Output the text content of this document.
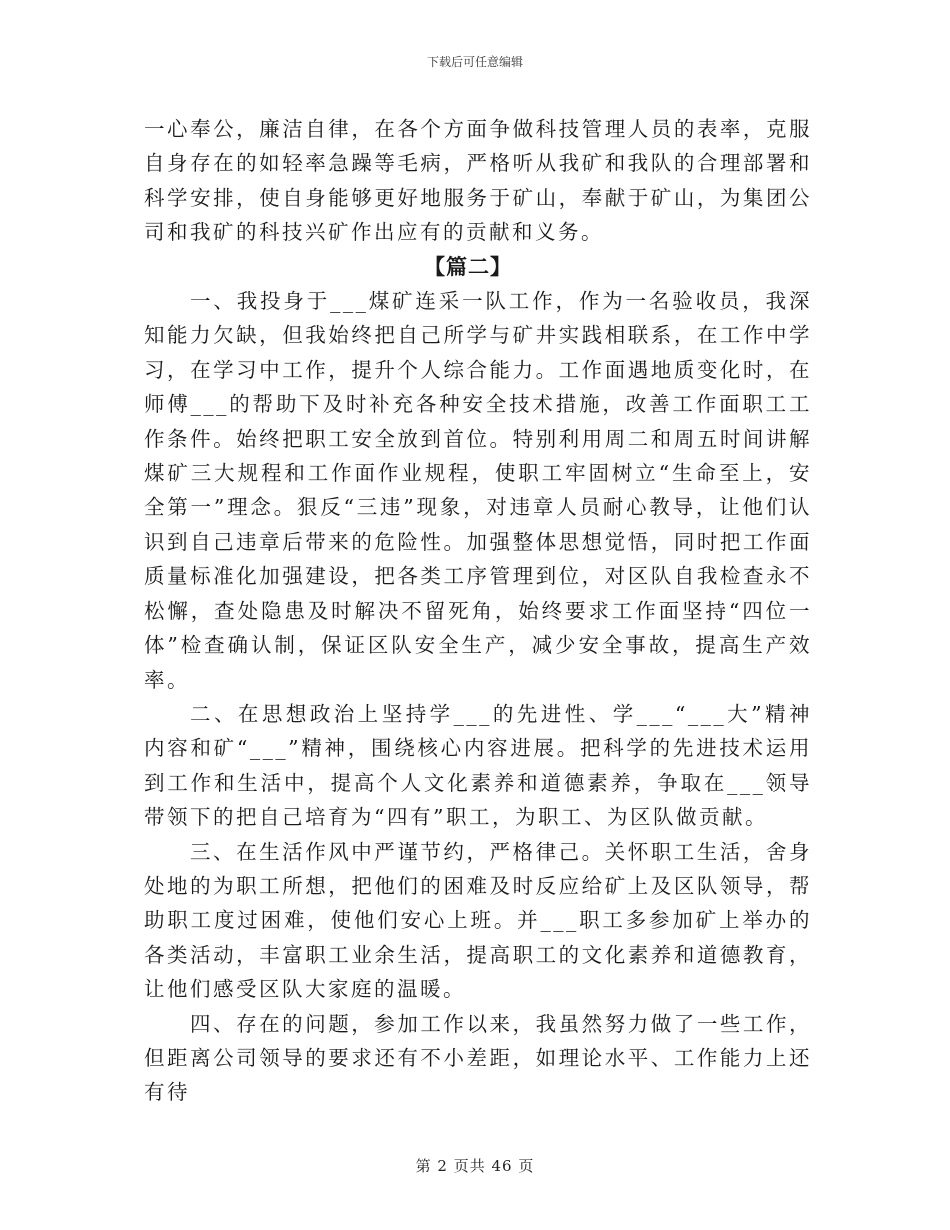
下载后可任意编辑

一心奉公，廉洁自律，在各个方面争做科技管理人员的表率，克服自身存在的如轻率急躁等毛病，严格听从我矿和我队的合理部署和科学安排，使自身能够更好地服务于矿山，奉献于矿山，为集团公司和我矿的科技兴矿作出应有的贡献和义务。

【篇二】

一、我投身于___煤矿连采一队工作，作为一名验收员，我深知能力欠缺，但我始终把自己所学与矿井实践相联系，在工作中学习，在学习中工作，提升个人综合能力。工作面遇地质变化时，在师傅___的帮助下及时补充各种安全技术措施，改善工作面职工工作条件。始终把职工安全放到首位。特别利用周二和周五时间讲解煤矿三大规程和工作面作业规程，使职工牢固树立“生命至上，安全第一”理念。狠反“三违”现象，对违章人员耐心教导，让他们认识到自己违章后带来的危险性。加强整体思想觉悟，同时把工作面质量标准化加强建设，把各类工序管理到位，对区队自我检查永不松懈，查处隐患及时解决不留死角，始终要求工作面坚持“四位一体”检查确认制，保证区队安全生产，减少安全事故，提高生产效率。

二、在思想政治上坚持学___的先进性、学___“___大”精神内容和矿“___”精神，围绕核心内容进展。把科学的先进技术运用到工作和生活中，提高个人文化素养和道德素养，争取在___领导带领下的把自己培育为“四有”职工，为职工、为区队做贡献。

三、在生活作风中严谨节约，严格律己。关怀职工生活，舍身处地的为职工所想，把他们的困难及时反应给矿上及区队领导，帮助职工度过困难，使他们安心上班。并___职工多参加矿上举办的各类活动，丰富职工业余生活，提高职工的文化素养和道德教育，让他们感受区队大家庭的温暖。

四、存在的问题，参加工作以来，我虽然努力做了一些工作，但距离公司领导的要求还有不小差距，如理论水平、工作能力上还有待

第 2 页共 46 页
